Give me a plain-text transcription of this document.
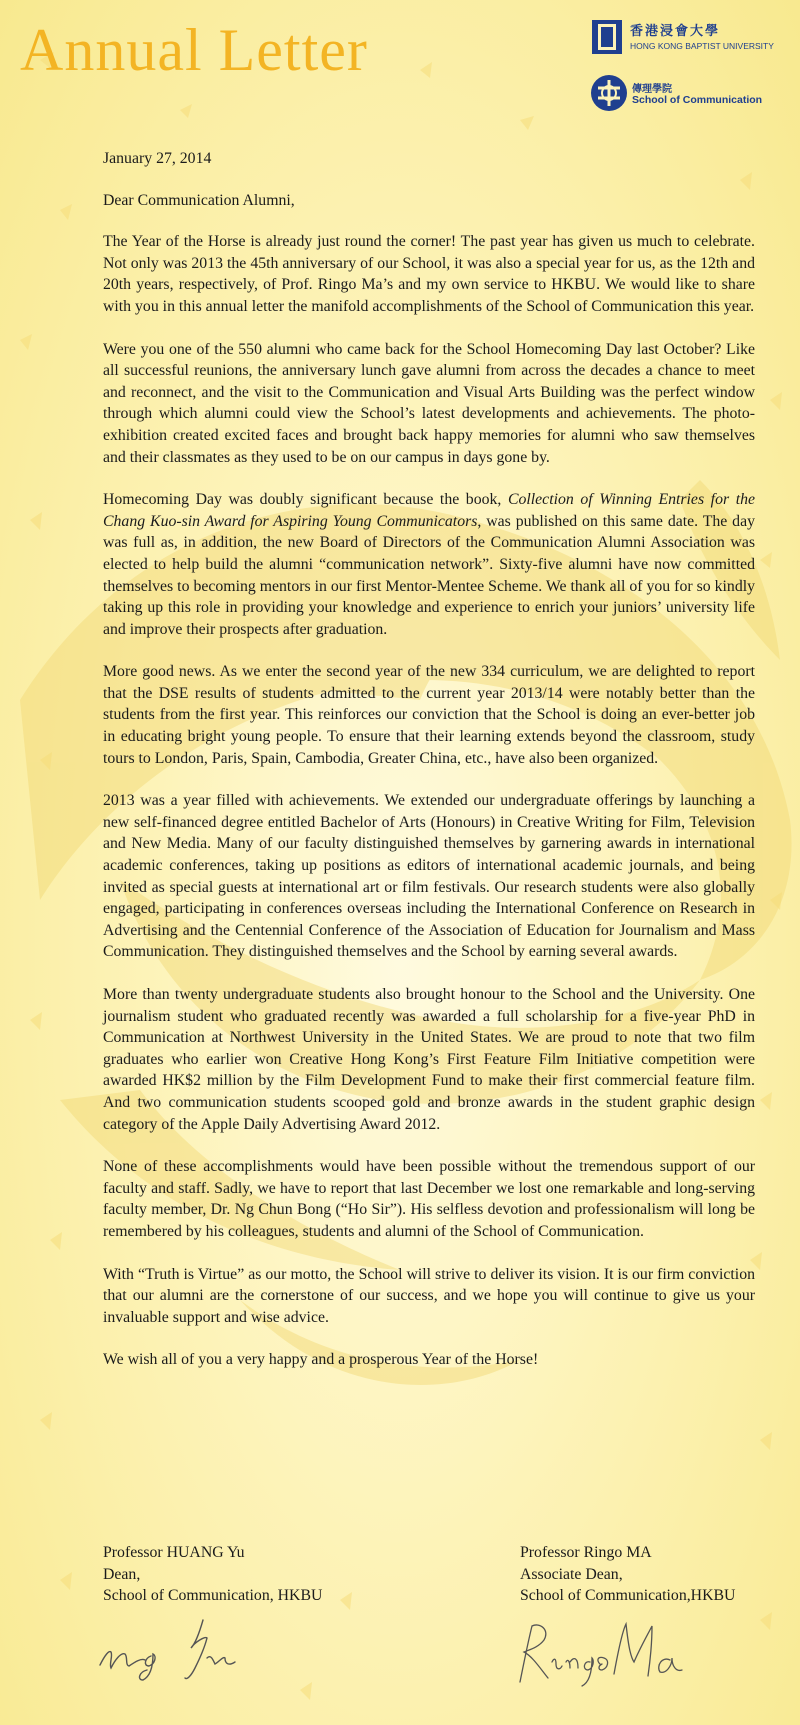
Annual Letter	香港浸會大學
HONG KONG BAPTIST UNIVERSITY
傳理學院
School of Communication

January 27, 2014

Dear Communication Alumni,

The Year of the Horse is already just round the corner! The past year has given us much to celebrate. Not only was 2013 the 45th anniversary of our School, it was also a special year for us, as the 12th and 20th years, respectively, of Prof. Ringo Ma’s and my own service to HKBU. We would like to share with you in this annual letter the manifold accomplishments of the School of Communication this year.

Were you one of the 550 alumni who came back for the School Homecoming Day last October? Like all successful reunions, the anniversary lunch gave alumni from across the decades a chance to meet and reconnect, and the visit to the Communication and Visual Arts Building was the perfect window through which alumni could view the School’s latest developments and achievements. The photo-exhibition created excited faces and brought back happy memories for alumni who saw themselves and their classmates as they used to be on our campus in days gone by.

Homecoming Day was doubly significant because the book, Collection of Winning Entries for the Chang Kuo-sin Award for Aspiring Young Communicators, was published on this same date. The day was full as, in addition, the new Board of Directors of the Communication Alumni Association was elected to help build the alumni “communication network”. Sixty-five alumni have now committed themselves to becoming mentors in our first Mentor-Mentee Scheme. We thank all of you for so kindly taking up this role in providing your knowledge and experience to enrich your juniors’ university life and improve their prospects after graduation.

More good news. As we enter the second year of the new 334 curriculum, we are delighted to report that the DSE results of students admitted to the current year 2013/14 were notably better than the students from the first year. This reinforces our conviction that the School is doing an ever-better job in educating bright young people. To ensure that their learning extends beyond the classroom, study tours to London, Paris, Spain, Cambodia, Greater China, etc., have also been organized.

2013 was a year filled with achievements. We extended our undergraduate offerings by launching a new self-financed degree entitled Bachelor of Arts (Honours) in Creative Writing for Film, Television and New Media. Many of our faculty distinguished themselves by garnering awards in international academic conferences, taking up positions as editors of international academic journals, and being invited as special guests at international art or film festivals. Our research students were also globally engaged, participating in conferences overseas including the International Conference on Research in Advertising and the Centennial Conference of the Association of Education for Journalism and Mass Communication. They distinguished themselves and the School by earning several awards.

More than twenty undergraduate students also brought honour to the School and the University. One journalism student who graduated recently was awarded a full scholarship for a five-year PhD in Communication at Northwest University in the United States. We are proud to note that two film graduates who earlier won Creative Hong Kong’s First Feature Film Initiative competition were awarded HK$2 million by the Film Development Fund to make their first commercial feature film. And two communication students scooped gold and bronze awards in the student graphic design category of the Apple Daily Advertising Award 2012.

None of these accomplishments would have been possible without the tremendous support of our faculty and staff. Sadly, we have to report that last December we lost one remarkable and long-serving faculty member, Dr. Ng Chun Bong (“Ho Sir”). His selfless devotion and professionalism will long be remembered by his colleagues, students and alumni of the School of Communication.

With “Truth is Virtue” as our motto, the School will strive to deliver its vision. It is our firm conviction that our alumni are the cornerstone of our success, and we hope you will continue to give us your invaluable support and wise advice.

We wish all of you a very happy and a prosperous Year of the Horse!

Professor HUANG Yu
Dean,
School of Communication, HKBU
Professor Ringo MA
Associate Dean,
School of Communication,HKBU
